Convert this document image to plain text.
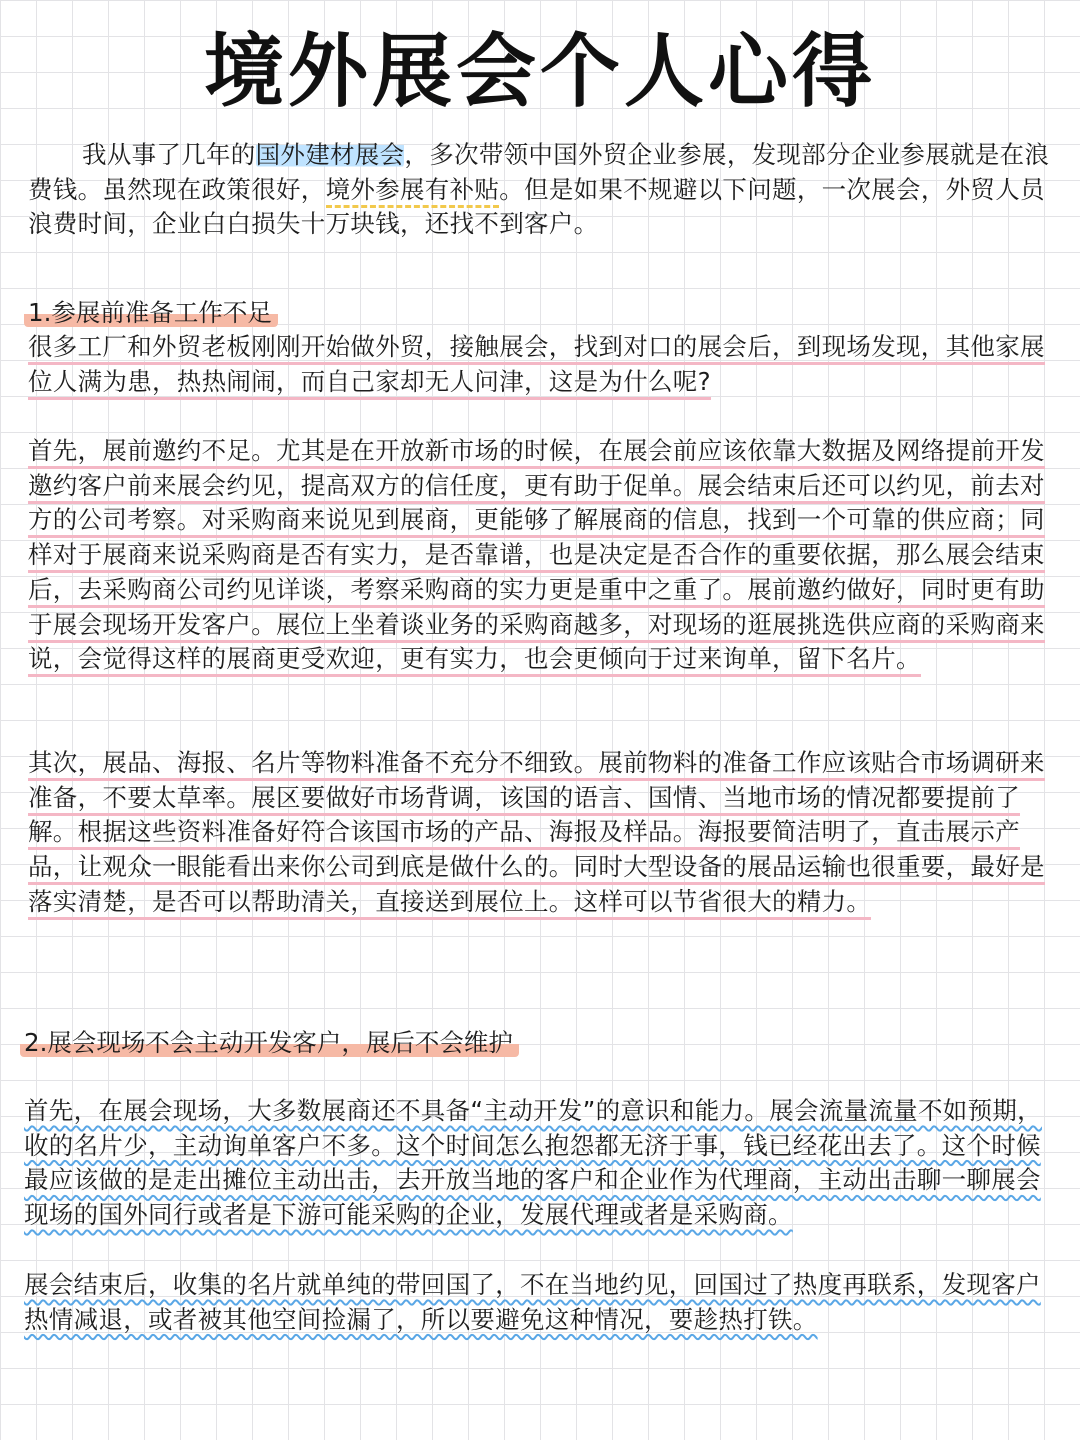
境外展会个人心得

我从事了几年的国外建材展会，多次带领中国外贸企业参展，发现部分企业参展就是在浪费钱。虽然现在政策很好，境外参展有补贴。但是如果不规避以下问题，一次展会，外贸人员浪费时间，企业白白损失十万块钱，还找不到客户。

1.参展前准备工作不足

很多工厂和外贸老板刚刚开始做外贸，接触展会，找到对口的展会后，到现场发现，其他家展位人满为患，热热闹闹，而自己家却无人问津，这是为什么呢?

首先，展前邀约不足。尤其是在开放新市场的时候，在展会前应该依靠大数据及网络提前开发邀约客户前来展会约见，提高双方的信任度，更有助于促单。展会结束后还可以约见，前去对方的公司考察。对采购商来说见到展商，更能够了解展商的信息，找到一个可靠的供应商；同样对于展商来说采购商是否有实力，是否靠谱，也是决定是否合作的重要依据，那么展会结束后，去采购商公司约见详谈，考察采购商的实力更是重中之重了。展前邀约做好，同时更有助于展会现场开发客户。展位上坐着谈业务的采购商越多，对现场的逛展挑选供应商的采购商来说，会觉得这样的展商更受欢迎，更有实力，也会更倾向于过来询单，留下名片。

其次，展品、海报、名片等物料准备不充分不细致。展前物料的准备工作应该贴合市场调研来准备，不要太草率。展区要做好市场背调，该国的语言、国情、当地市场的情况都要提前了解。根据这些资料准备好符合该国市场的产品、海报及样品。海报要简洁明了，直击展示产品，让观众一眼能看出来你公司到底是做什么的。同时大型设备的展品运输也很重要，最好是落实清楚，是否可以帮助清关，直接送到展位上。这样可以节省很大的精力。

2.展会现场不会主动开发客户，展后不会维护

首先，在展会现场，大多数展商还不具备“主动开发”的意识和能力。展会流量流量不如预期，收的名片少，主动询单客户不多。这个时间怎么抱怨都无济于事，钱已经花出去了。这个时候最应该做的是走出摊位主动出击，去开放当地的客户和企业作为代理商，主动出击聊一聊展会现场的国外同行或者是下游可能采购的企业，发展代理或者是采购商。

展会结束后，收集的名片就单纯的带回国了，不在当地约见，回国过了热度再联系，发现客户热情减退，或者被其他空间捡漏了，所以要避免这种情况，要趁热打铁。
